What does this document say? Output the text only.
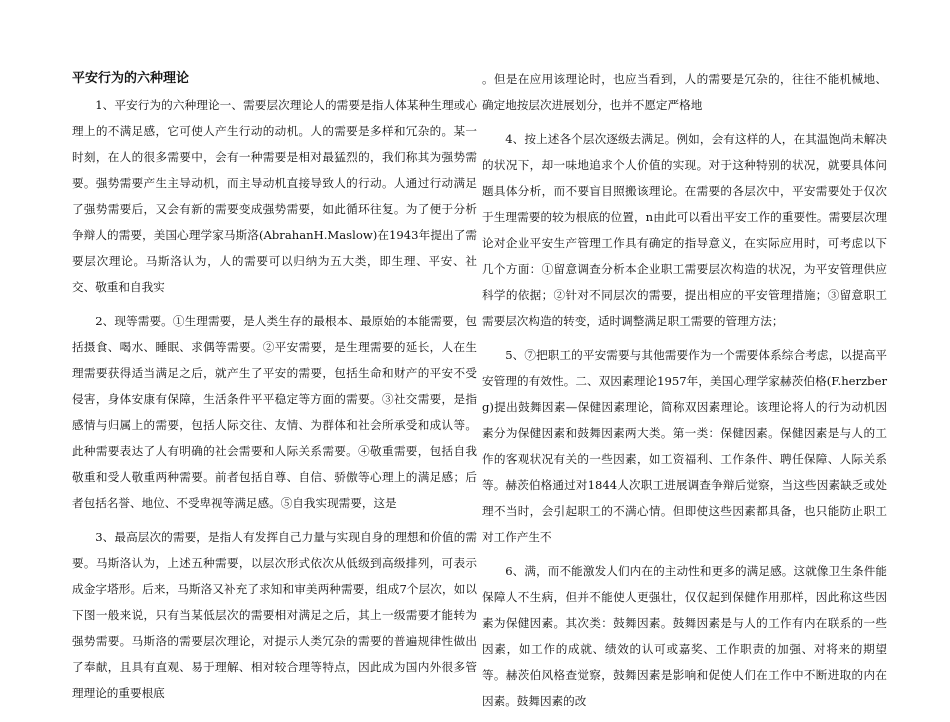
平安行为的六种理论

1、平安行为的六种理论一、需要层次理论人的需要是指人体某种生理或心理上的不满足感，它可使人产生行动的动机。人的需要是多样和冗杂的。某一时刻，在人的很多需要中，会有一种需要是相对最猛烈的，我们称其为强势需要。强势需要产生主导动机，而主导动机直接导致人的行动。人通过行动满足了强势需要后，又会有新的需要变成强势需要，如此循环往复。为了便于分析争辩人的需要，美国心理学家马斯洛(AbrahanH.Maslow)在1943年提出了需要层次理论。马斯洛认为，人的需要可以归纳为五大类，即生理、平安、社交、敬重和自我实

2、现等需要。①生理需要，是人类生存的最根本、最原始的本能需要，包括摄食、喝水、睡眠、求偶等需要。②平安需要，是生理需要的延长，人在生理需要获得适当满足之后，就产生了平安的需要，包括生命和财产的平安不受侵害，身体安康有保障，生活条件平平稳定等方面的需要。③社交需要，是指感情与归属上的需要，包括人际交往、友情、为群体和社会所承受和成认等。此种需要表达了人有明确的社会需要和人际关系需要。④敬重需要，包括自我敬重和受人敬重两种需要。前者包括自尊、自信、骄傲等心理上的满足感；后者包括名誉、地位、不受卑视等满足感。⑤自我实现需要，这是

3、最高层次的需要，是指人有发挥自己力量与实现自身的理想和价值的需要。马斯洛认为，上述五种需要，以层次形式依次从低级到高级排列，可表示成金字塔形。后来，马斯洛又补充了求知和审美两种需要，组成7个层次，如以下图一般来说，只有当某低层次的需要相对满足之后，其上一级需要才能转为强势需要。马斯洛的需要层次理论，对提示人类冗杂的需要的普遍规律性做出了奉献，且具有直观、易于理解、相对较合理等特点，因此成为国内外很多管理理论的重要根底

。但是在应用该理论时，也应当看到，人的需要是冗杂的，往往不能机械地、确定地按层次进展划分，也并不愿定严格地

4、按上述各个层次逐级去满足。例如，会有这样的人，在其温饱尚未解决的状况下，却一味地追求个人价值的实现。对于这种特别的状况，就要具体问题具体分析，而不要盲目照搬该理论。在需要的各层次中，平安需要处于仅次于生理需要的较为根底的位置，n由此可以看出平安工作的重要性。需要层次理论对企业平安生产管理工作具有确定的指导意义，在实际应用时，可考虑以下几个方面：①留意调查分析本企业职工需要层次构造的状况，为平安管理供应科学的依据；②针对不同层次的需要，提出相应的平安管理措施；③留意职工需要层次构造的转变，适时调整满足职工需要的管理方法；

5、⑦把职工的平安需要与其他需要作为一个需要体系综合考虑，以提高平安管理的有效性。二、双因素理论1957年，美国心理学家赫茨伯格(F.herzberg)提出鼓舞因素—保健因素理论，简称双因素理论。该理论将人的行为动机因素分为保健因素和鼓舞因素两大类。第一类：保健因素。保健因素是与人的工作的客观状况有关的一些因素，如工资福利、工作条件、聘任保障、人际关系等。赫茨伯格通过对1844人次职工进展调查争辩后觉察，当这些因素缺乏或处理不当时，会引起职工的不满心情。但即使这些因素都具备，也只能防止职工对工作产生不

6、满，而不能激发人们内在的主动性和更多的满足感。这就像卫生条件能保障人不生病，但并不能使人更强壮，仅仅起到保健作用那样，因此称这些因素为保健因素。其次类：鼓舞因素。鼓舞因素是与人的工作有内在联系的一些因素，如工作的成就、绩效的认可或嘉奖、工作职责的加强、对将来的期望等。赫茨伯风格查觉察，鼓舞因素是影响和促使人们在工作中不断进取的内在因素。鼓舞因素的改
